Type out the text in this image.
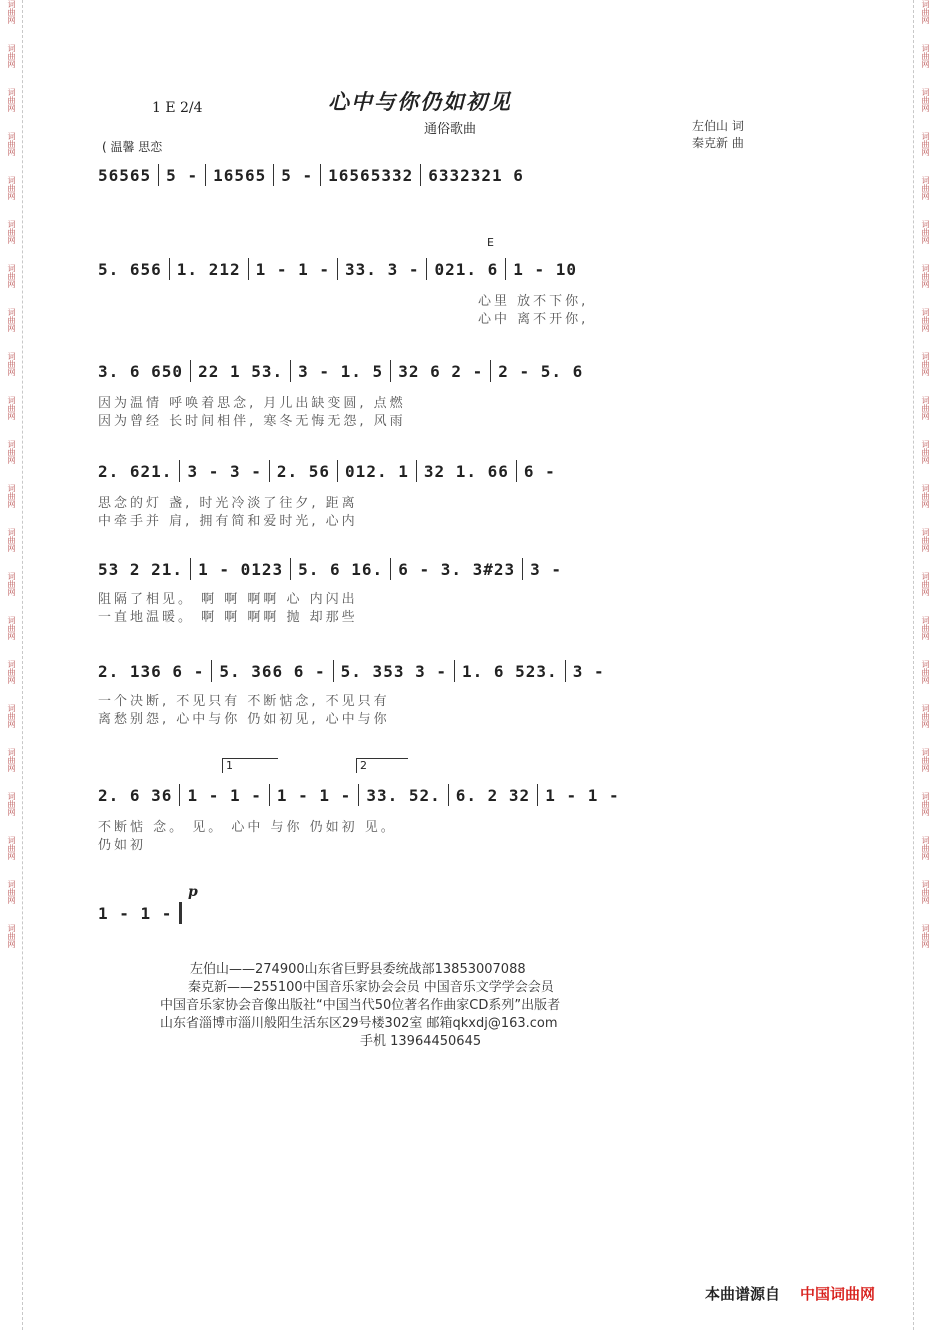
词曲网
词曲网
词曲网
词曲网
词曲网
词曲网
词曲网
词曲网
词曲网
词曲网
词曲网
词曲网
词曲网
词曲网
词曲网
词曲网
词曲网
词曲网
词曲网
词曲网
词曲网
词曲网
词曲网
词曲网
词曲网
词曲网
词曲网
词曲网
词曲网
词曲网
词曲网
词曲网
词曲网
词曲网
词曲网
词曲网
词曲网
词曲网
词曲网
词曲网
词曲网
词曲网
词曲网
词曲网
心中与你仍如初见
1 E 2/4
通俗歌曲	左伯山 词
秦克新 曲
( 温馨 思恋
56565 5 - 16565 5 - 16565332 6332321 6
E
5. 656 1. 212 1 - 1 - 33. 3 - 021. 6 1 - 10
心里 放不下你,
心中 离不开你,
3. 6 650 22 1 53. 3 - 1. 5 32 6 2 - 2 - 5. 6
因为温情 呼唤着思念, 月儿出缺变圆, 点燃
因为曾经 长时间相伴, 寒冬无悔无怨, 风雨
2. 621. 3 - 3 - 2. 56 012. 1 32 1. 66 6 -
思念的灯 盏, 时光冷淡了往夕, 距离
中牵手并 肩, 拥有简和爱时光, 心内
53 2 21. 1 - 0123 5. 6 16. 6 - 3. 3#23 3 -
阻隔了相见。 啊 啊 啊啊 心 内闪出
一直地温暖。 啊 啊 啊啊 抛 却那些
2. 136 6 - 5. 366 6 - 5. 353 3 - 1. 6 523. 3 -
一个决断, 不见只有 不断惦念, 不见只有
离愁别怨, 心中与你 仍如初见, 心中与你
1	2
2. 6 36 1 - 1 - 1 - 1 - 33. 52. 6. 2 32 1 - 1 -
不断惦 念。 见。 心中 与你 仍如初 见。
仍如初
1 - 1 -
p
左伯山——274900山东省巨野县委统战部13853007088
秦克新——255100中国音乐家协会会员 中国音乐文学学会会员
中国音乐家协会音像出版社“中国当代50位著名作曲家CD系列”出版者
山东省淄博市淄川般阳生活东区29号楼302室 邮箱qkxdj@163.com
手机 13964450645
本曲谱源自 中国词曲网
